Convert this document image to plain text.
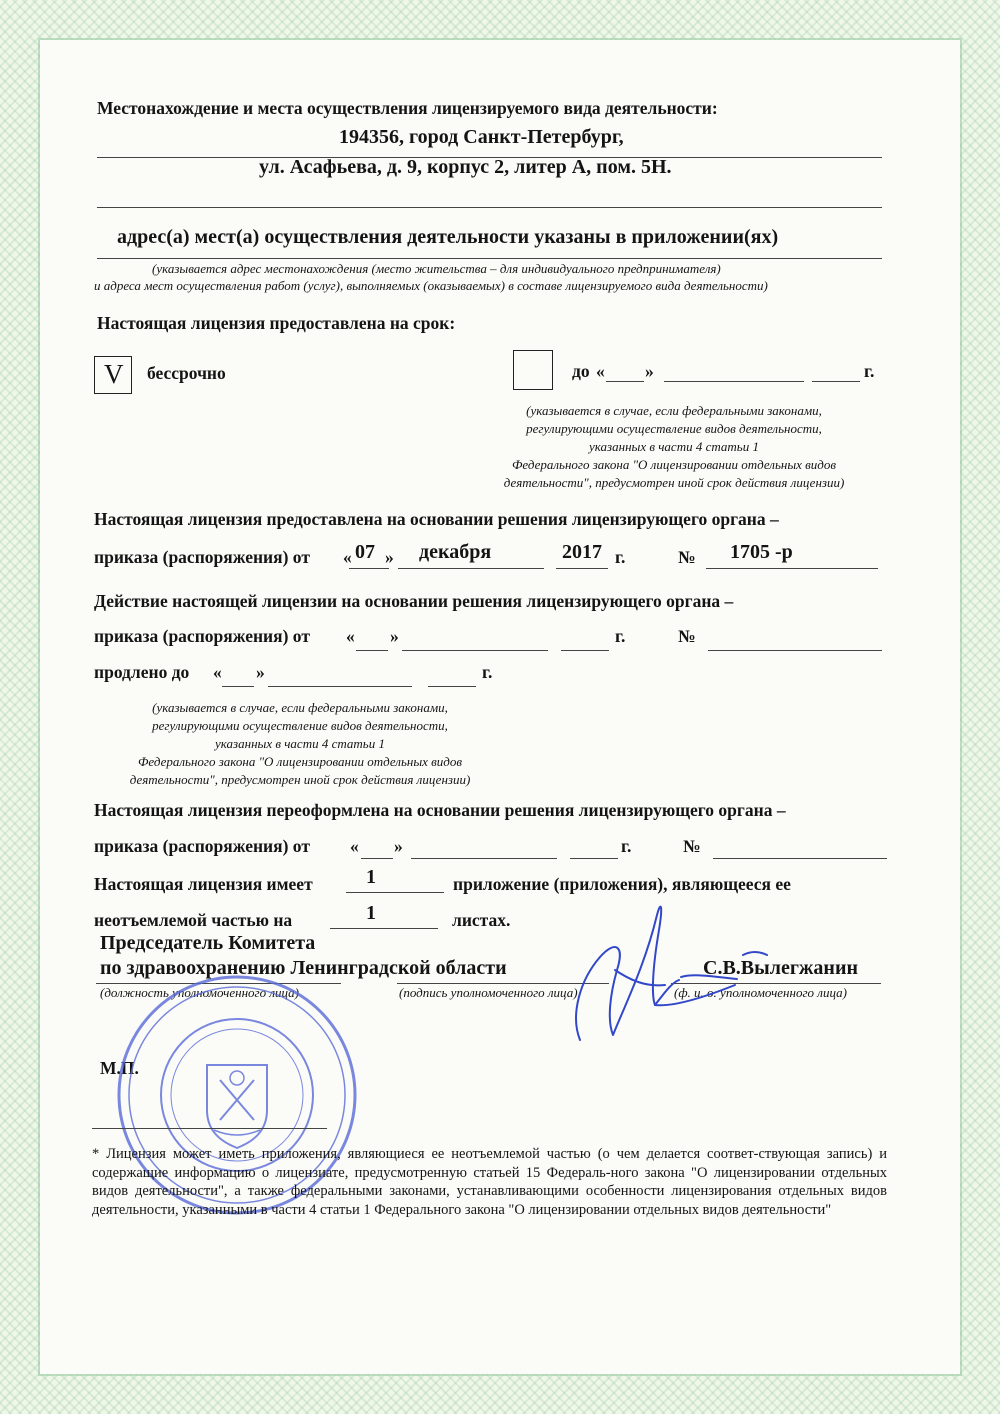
Местонахождение и места осуществления лицензируемого вида деятельности:
194356, город Санкт-Петербург,
ул. Асафьева, д. 9, корпус 2, литер А, пом. 5Н.
адрес(а) мест(а) осуществления деятельности указаны в приложении(ях)
(указывается адрес местонахождения (место жительства – для индивидуального предпринимателя)
и адреса мест осуществления работ (услуг), выполняемых (оказываемых) в составе лицензируемого вида деятельности)
Настоящая лицензия предоставлена на срок:
V бессрочно	до « »	г.
(указывается в случае, если федеральными законами,
регулирующими осуществление видов деятельности,
указанных в части 4 статьи 1
Федерального закона "О лицензировании отдельных видов
деятельности", предусмотрен иной срок действия лицензии)
Настоящая лицензия предоставлена на основании решения лицензирующего органа –
приказа (распоряжения) от « 07 » декабря	2017 г.	№ 1705 -р
Действие настоящей лицензии на основании решения лицензирующего органа –
приказа (распоряжения) от « »	г.	№
продлено до « »	г.
(указывается в случае, если федеральными законами,
регулирующими осуществление видов деятельности,
указанных в части 4 статьи 1
Федерального закона "О лицензировании отдельных видов
деятельности", предусмотрен иной срок действия лицензии)
Настоящая лицензия переоформлена на основании решения лицензирующего органа –
приказа (распоряжения) от « »	г.	№
Настоящая лицензия имеет	1	приложение (приложения), являющееся ее
неотъемлемой частью на	1	листах.
Председатель Комитета
по здравоохранению Ленинградской области	С.В.Вылегжанин
(должность уполномоченного лица)	(подпись уполномоченного лица)	(ф. и. о. уполномоченного лица)
М.П.
* Лицензия может иметь приложения, являющиеся ее неотъемлемой частью (о чем делается соответ-ствующая запись) и содержащие информацию о лицензиате, предусмотренную статьей 15 Федераль-ного закона "О лицензировании отдельных видов деятельности", а также федеральными законами, устанавливающими особенности лицензирования отдельных видов деятельности, указанными в части 4 статьи 1 Федерального закона "О лицензировании отдельных видов деятельности"
